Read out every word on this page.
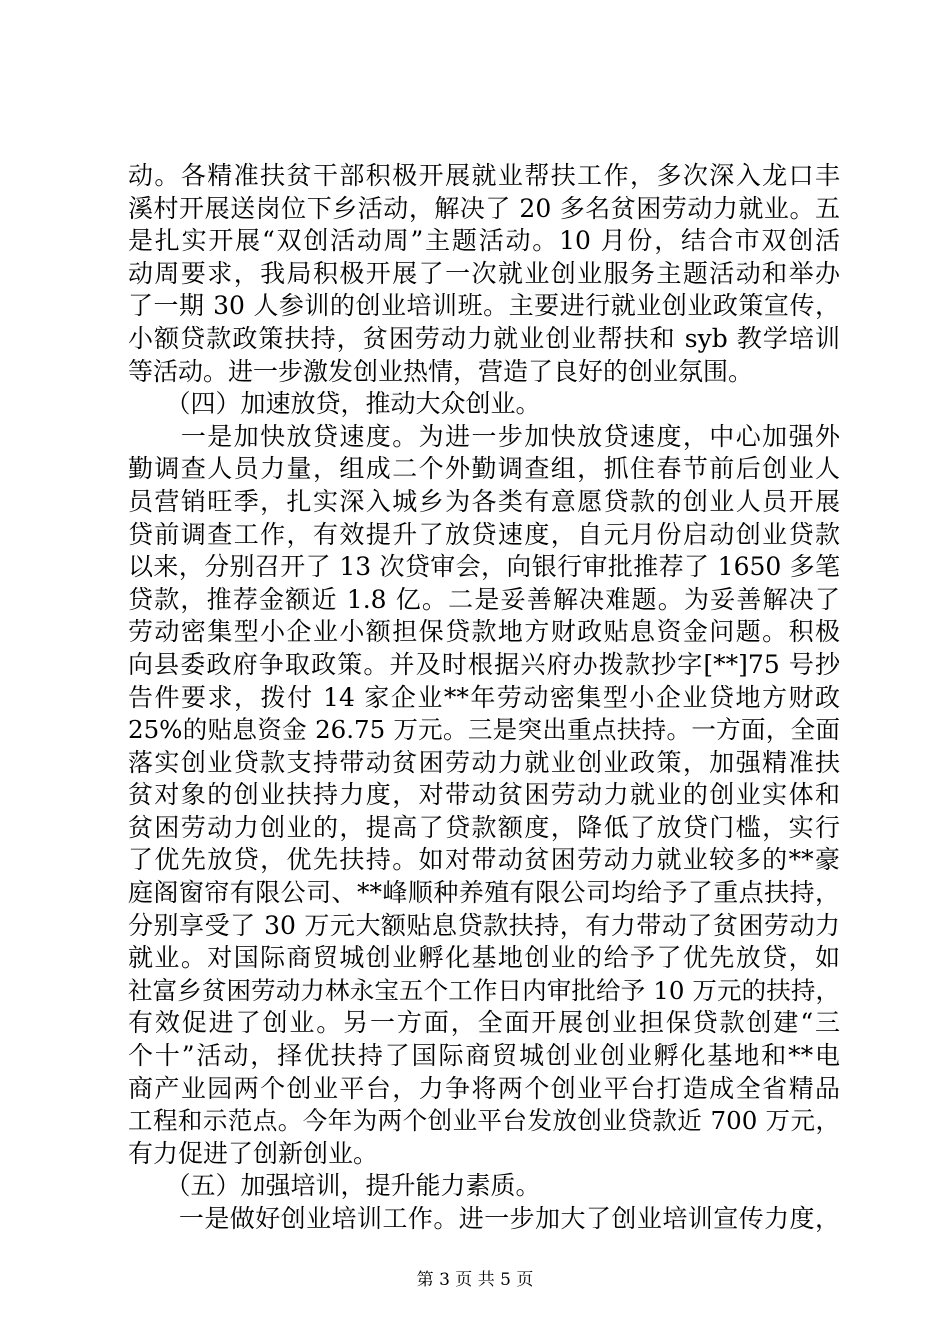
动。各精准扶贫干部积极开展就业帮扶工作，多次深入龙口丰
溪村开展送岗位下乡活动，解决了 20 多名贫困劳动力就业。五
是扎实开展“双创活动周”主题活动。10 月份，结合市双创活
动周要求，我局积极开展了一次就业创业服务主题活动和举办
了一期 30 人参训的创业培训班。主要进行就业创业政策宣传，
小额贷款政策扶持，贫困劳动力就业创业帮扶和 syb 教学培训
等活动。进一步激发创业热情，营造了良好的创业氛围。
　　（四）加速放贷，推动大众创业。
　　一是加快放贷速度。为进一步加快放贷速度，中心加强外
勤调查人员力量，组成二个外勤调查组，抓住春节前后创业人
员营销旺季，扎实深入城乡为各类有意愿贷款的创业人员开展
贷前调查工作，有效提升了放贷速度，自元月份启动创业贷款
以来，分别召开了 13 次贷审会，向银行审批推荐了 1650 多笔
贷款，推荐金额近 1.8 亿。二是妥善解决难题。为妥善解决了
劳动密集型小企业小额担保贷款地方财政贴息资金问题。积极
向县委政府争取政策。并及时根据兴府办拨款抄字[**]75 号抄
告件要求，拨付 14 家企业**年劳动密集型小企业贷地方财政
25%的贴息资金 26.75 万元。三是突出重点扶持。一方面，全面
落实创业贷款支持带动贫困劳动力就业创业政策，加强精准扶
贫对象的创业扶持力度，对带动贫困劳动力就业的创业实体和
贫困劳动力创业的，提高了贷款额度，降低了放贷门槛，实行
了优先放贷，优先扶持。如对带动贫困劳动力就业较多的**豪
庭阁窗帘有限公司、**峰顺种养殖有限公司均给予了重点扶持，
分别享受了 30 万元大额贴息贷款扶持，有力带动了贫困劳动力
就业。对国际商贸城创业孵化基地创业的给予了优先放贷，如
社富乡贫困劳动力林永宝五个工作日内审批给予 10 万元的扶持，
有效促进了创业。另一方面，全面开展创业担保贷款创建“三
个十”活动，择优扶持了国际商贸城创业创业孵化基地和**电
商产业园两个创业平台，力争将两个创业平台打造成全省精品
工程和示范点。今年为两个创业平台发放创业贷款近 700 万元，
有力促进了创新创业。
　　（五）加强培训，提升能力素质。
　　一是做好创业培训工作。进一步加大了创业培训宣传力度，
第 3 页 共 5 页
